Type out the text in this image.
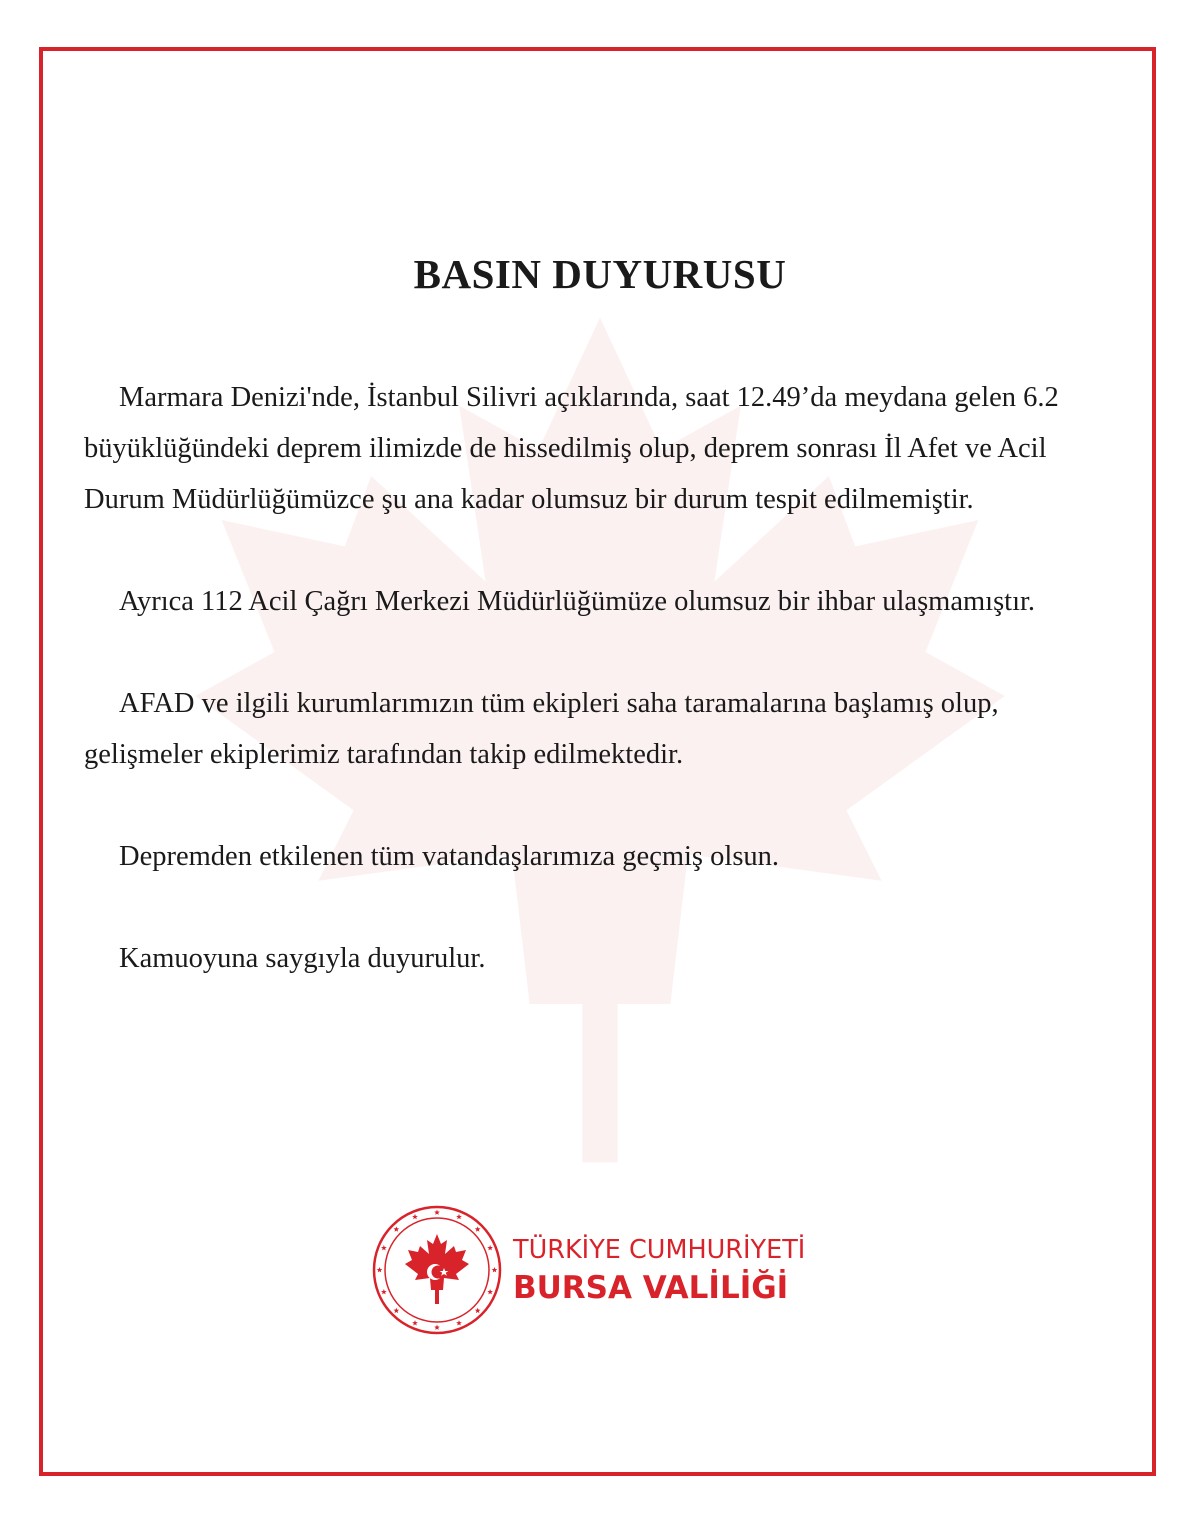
BASIN DUYURUSU

Marmara Denizi'nde, İstanbul Silivri açıklarında, saat 12.49’da meydana gelen 6.2 büyüklüğündeki deprem ilimizde de hissedilmiş olup, deprem sonrası İl Afet ve Acil Durum Müdürlüğümüzce şu ana kadar olumsuz bir durum tespit edilmemiştir.

Ayrıca 112 Acil Çağrı Merkezi Müdürlüğümüze olumsuz bir ihbar ulaşmamıştır.

AFAD ve ilgili kurumlarımızın tüm ekipleri saha taramalarına başlamış olup, gelişmeler ekiplerimiz tarafından takip edilmektedir.

Depremden etkilenen tüm vatandaşlarımıza geçmiş olsun.

Kamuoyuna saygıyla duyurulur.

TÜRKİYE CUMHURİYETİ
BURSA VALİLİĞİ
